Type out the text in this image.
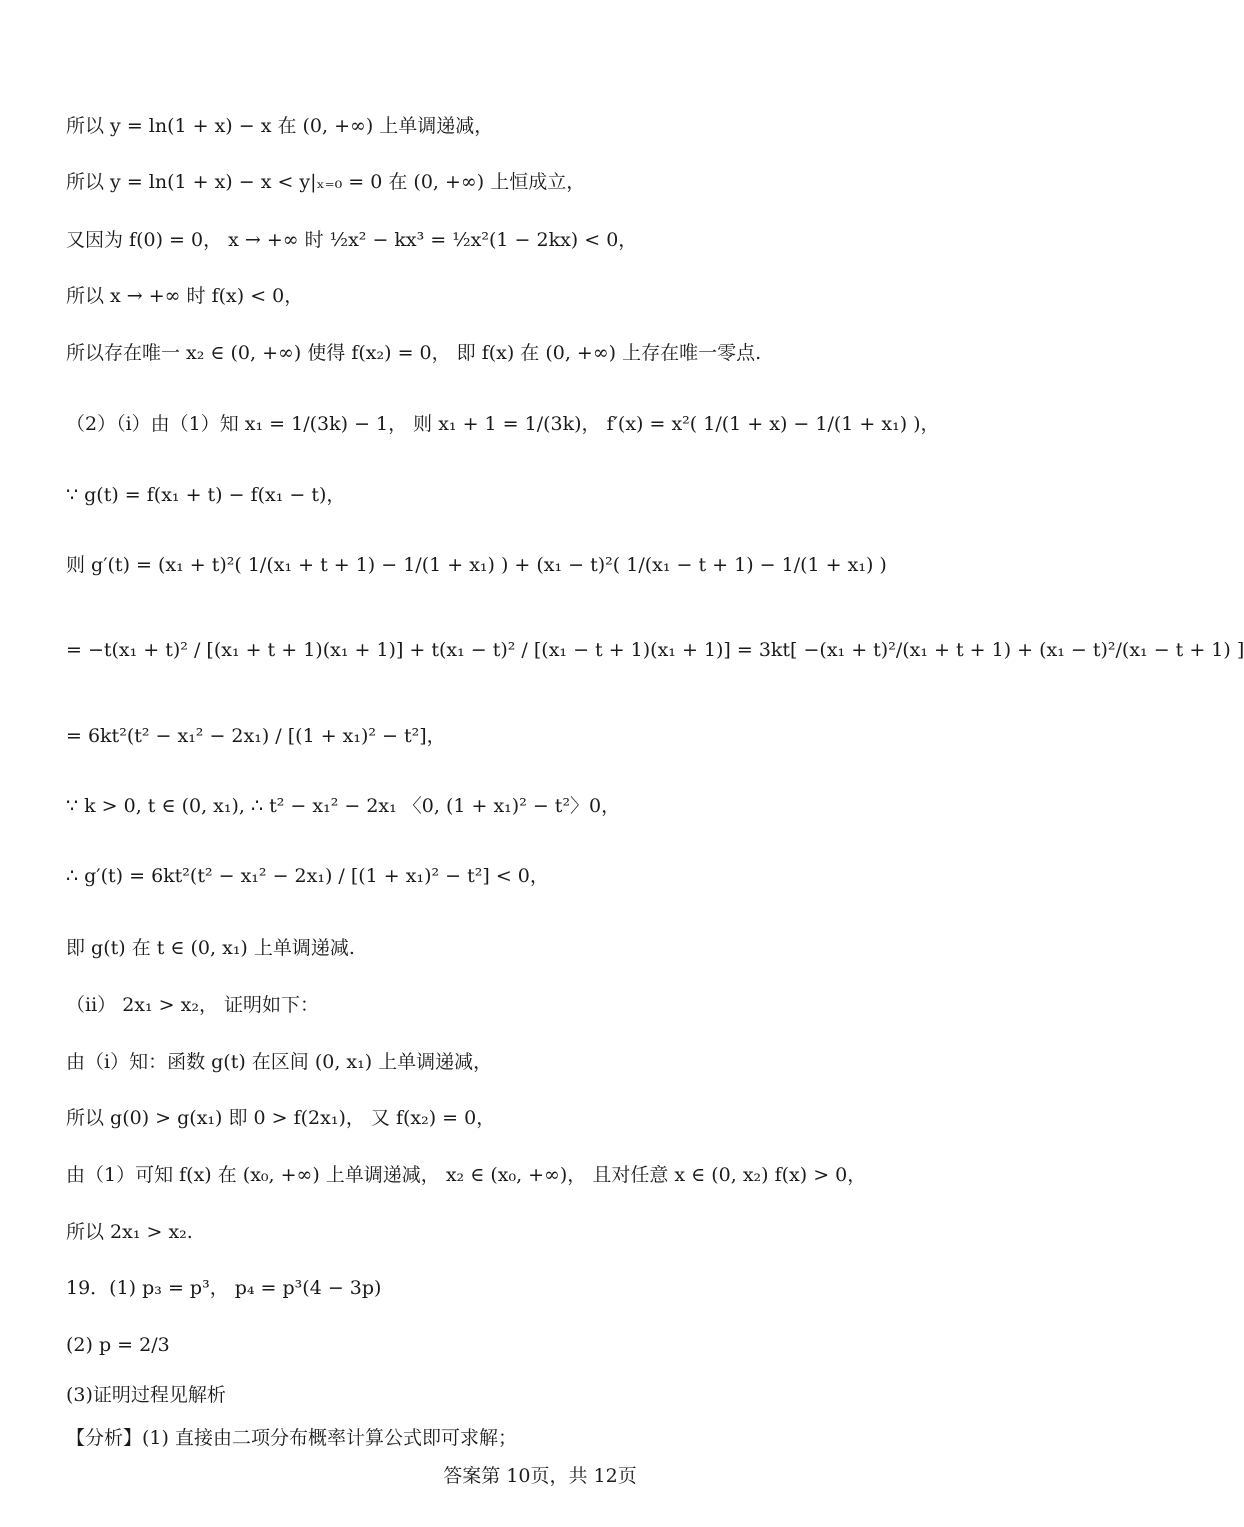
所以 y = ln(1 + x) − x 在 (0, +∞) 上单调递减，
所以 y = ln(1 + x) − x < y|ₓ₌₀ = 0 在 (0, +∞) 上恒成立，
又因为 f(0) = 0， x → +∞ 时 ½x² − kx³ = ½x²(1 − 2kx) < 0，
所以 x → +∞ 时 f(x) < 0，
所以存在唯一 x₂ ∈ (0, +∞) 使得 f(x₂) = 0， 即 f(x) 在 (0, +∞) 上存在唯一零点.
（2）（i）由（1）知 x₁ = 1/(3k) − 1， 则 x₁ + 1 = 1/(3k)， f′(x) = x²( 1/(1 + x) − 1/(1 + x₁) )，
∵ g(t) = f(x₁ + t) − f(x₁ − t)，
则 g′(t) = (x₁ + t)²( 1/(x₁ + t + 1) − 1/(1 + x₁) ) + (x₁ − t)²( 1/(x₁ − t + 1) − 1/(1 + x₁) )
= −t(x₁ + t)² / [(x₁ + t + 1)(x₁ + 1)] + t(x₁ − t)² / [(x₁ − t + 1)(x₁ + 1)] = 3kt[ −(x₁ + t)²/(x₁ + t + 1) + (x₁ − t)²/(x₁ − t + 1) ]
= 6kt²(t² − x₁² − 2x₁) / [(1 + x₁)² − t²]，
∵ k > 0, t ∈ (0, x₁), ∴ t² − x₁² − 2x₁ 〈0, (1 + x₁)² − t²〉0，
∴ g′(t) = 6kt²(t² − x₁² − 2x₁) / [(1 + x₁)² − t²] < 0，
即 g(t) 在 t ∈ (0, x₁) 上单调递减.
（ii） 2x₁ > x₂， 证明如下：
由（i）知：函数 g(t) 在区间 (0, x₁) 上单调递减，
所以 g(0) > g(x₁) 即 0 > f(2x₁)， 又 f(x₂) = 0，
由（1）可知 f(x) 在 (x₀, +∞) 上单调递减， x₂ ∈ (x₀, +∞)， 且对任意 x ∈ (0, x₂) f(x) > 0，
所以 2x₁ > x₂.
19．(1) p₃ = p³， p₄ = p³(4 − 3p)
(2) p = 2/3
(3)证明过程见解析
【分析】(1) 直接由二项分布概率计算公式即可求解；
答案第 10页，共 12页
